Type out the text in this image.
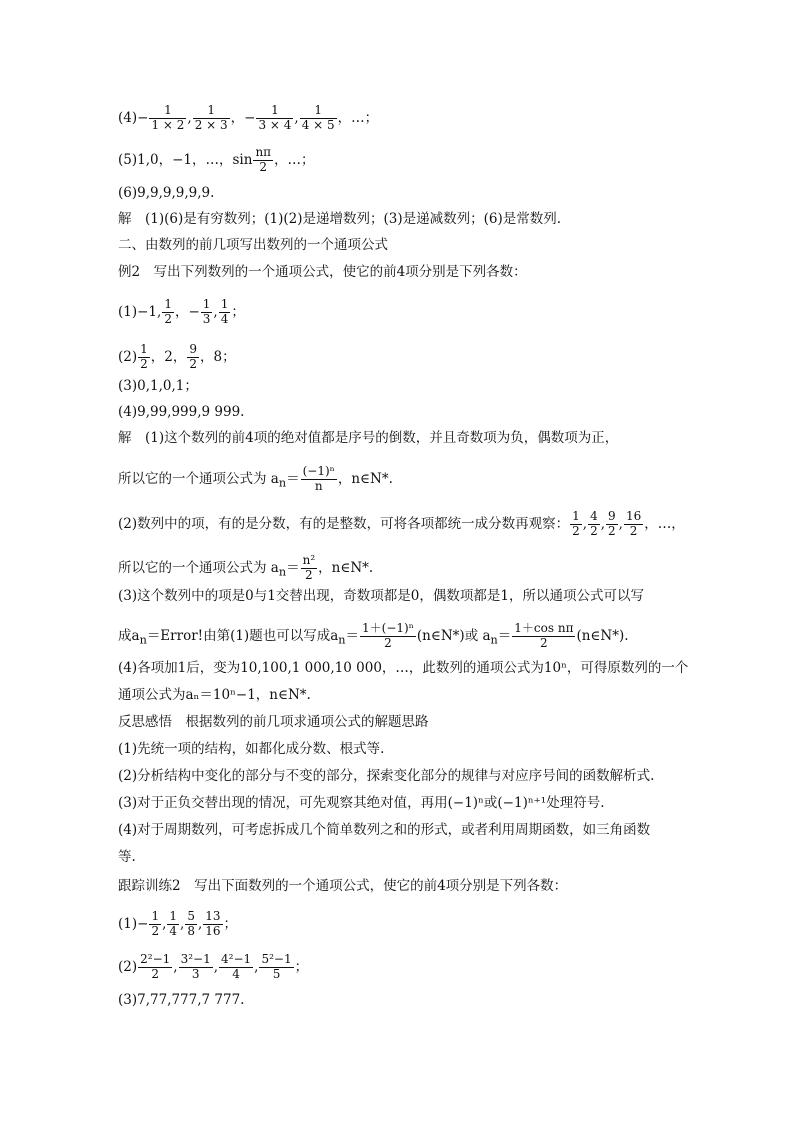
$(4)- \frac{1}{1 \times 2}$ , $\frac{1}{2 \times 3}$ ，− $\frac{1}{3 \times 4}$ , $\frac{1}{4 \times 5}$ ，…；
(5)1,0，−1，…，$\sin \frac{n\pi}{2}$ ，…；
(6)9,9,9,9,9,9.
解　(1)(6)是有穷数列；(1)(2)是递增数列；(3)是递减数列；(6)是常数列.
二、由数列的前几项写出数列的一个通项公式
例2　写出下列数列的一个通项公式，使它的前4项分别是下列各数：
(1)−1, $\frac{1}{2}$ ，− $\frac{1}{3}$ , $\frac{1}{4}$ ；
$(2) \frac{1}{2}$ ，2， $\frac{9}{2}$ ，8；
(3)0,1,0,1；
(4)9,99,999,9 999.
解　(1)这个数列的前4项的绝对值都是序号的倒数，并且奇数项为负，偶数项为正，
所以它的一个通项公式为 $a_n= \frac{\text{(−1)ⁿ}}{n}$ ，n∈N*.
(2)数列中的项，有的是分数，有的是整数，可将各项都统一成分数再观察： $\frac{1}{2}$ , $\frac{4}{2}$ , $\frac{9}{2}$ , $\frac{16}{2}$ ，…，
所以它的一个通项公式为 $a_n= \frac{\text{n²}}{2}$ ，n∈N*.
(3)这个数列中的项是0与1交替出现，奇数项都是0，偶数项都是1，所以通项公式可以写
成$a_n=Error$!由第(1)题也可以写成$a_n= \frac{\text{1＋(−1)ⁿ}}{2}$ (n∈N*)或 $a_n= \frac{\text{1＋cos nπ}}{2}$ (n∈N*).
(4)各项加1后，变为10,100,1 000,10 000，…，此数列的通项公式为10ⁿ，可得原数列的一个
通项公式为aₙ＝10ⁿ−1，n∈N*.
反思感悟　根据数列的前几项求通项公式的解题思路
(1)先统一项的结构，如都化成分数、根式等.
(2)分析结构中变化的部分与不变的部分，探索变化部分的规律与对应序号间的函数解析式.
(3)对于正负交替出现的情况，可先观察其绝对值，再用(−1)ⁿ或(−1)ⁿ⁺¹处理符号.
(4)对于周期数列，可考虑拆成几个简单数列之和的形式，或者利用周期函数，如三角函数
等.
跟踪训练2　写出下面数列的一个通项公式，使它的前4项分别是下列各数：
$(1)- \frac{1}{2}$ , $\frac{1}{4}$ , $\frac{5}{8}$ , $\frac{13}{16}$ ；
$(2) \frac{\text{2²−1}}{2}$ , $\frac{\text{3²−1}}{3}$ , $\frac{\text{4²−1}}{4}$ , $\frac{\text{5²−1}}{5}$ ；
(3)7,77,777,7 777.
